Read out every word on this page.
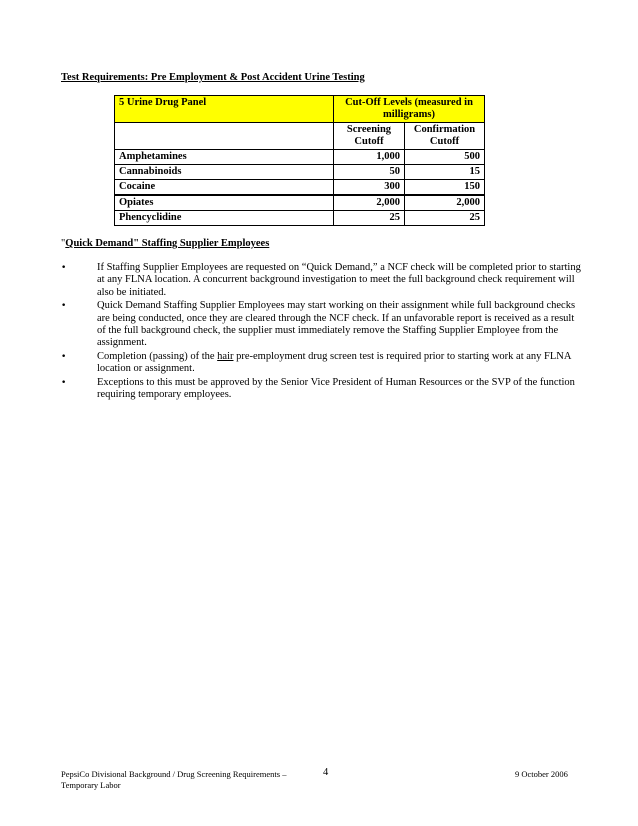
Test Requirements: Pre Employment & Post Accident Urine Testing
5 Urine Drug Panel	Cut-Off Levels (measured in milligrams)	
	Screening Cutoff	Confirmation Cutoff
Amphetamines	1,000	500
Cannabinoids	50	15
Cocaine	300	150
Opiates	2,000	2,000
Phencyclidine	25	25
"Quick Demand" Staffing Supplier Employees
•	If Staffing Supplier Employees are requested on “Quick Demand,” a NCF check will be completed prior to starting at any FLNA location. A concurrent background investigation to meet the full background check requirement will also be initiated.
•	Quick Demand Staffing Supplier Employees may start working on their assignment while full background checks are being conducted, once they are cleared through the NCF check. If an unfavorable report is received as a result of the full background check, the supplier must immediately remove the Staffing Supplier Employee from the assignment.
•	Completion (passing) of the hair pre-employment drug screen test is required prior to starting work at any FLNA location or assignment.
•	Exceptions to this must be approved by the Senior Vice President of Human Resources or the SVP of the function requiring temporary employees.
PepsiCo Divisional Background / Drug Screening Requirements – Temporary Labor
4	9 October 2006
